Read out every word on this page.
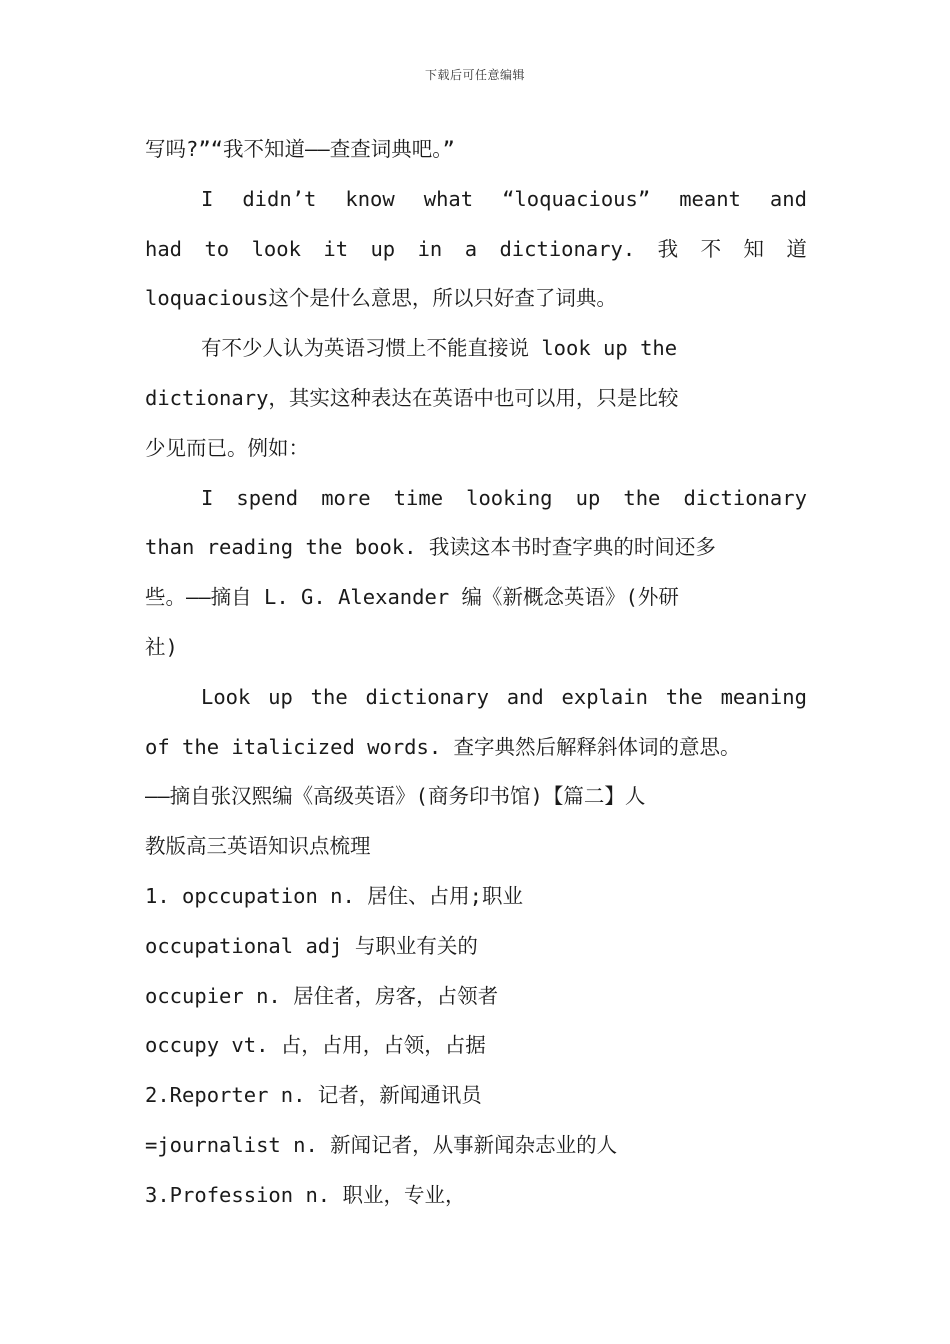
下载后可任意编辑
写吗?”“我不知道——查查词典吧。”
I didn’t know what “loquacious” meant and
had to look it up in a dictionary. 我 不 知 道
loquacious这个是什么意思，所以只好查了词典。
有不少人认为英语习惯上不能直接说 look up the
dictionary，其实这种表达在英语中也可以用，只是比较
少见而已。例如：
I spend more time looking up the dictionary
than reading the book. 我读这本书时查字典的时间还多
些。——摘自 L. G. Alexander 编《新概念英语》(外研
社)
Look up the dictionary and explain the meaning
of the italicized words. 查字典然后解释斜体词的意思。
——摘自张汉熙编《高级英语》(商务印书馆)【篇二】人
教版高三英语知识点梳理
1. opccupation n. 居住、占用;职业
occupational adj 与职业有关的
occupier n. 居住者，房客，占领者
occupy vt. 占，占用，占领，占据
2.Reporter n. 记者，新闻通讯员
=journalist n. 新闻记者，从事新闻杂志业的人
3.Profession n. 职业，专业，
